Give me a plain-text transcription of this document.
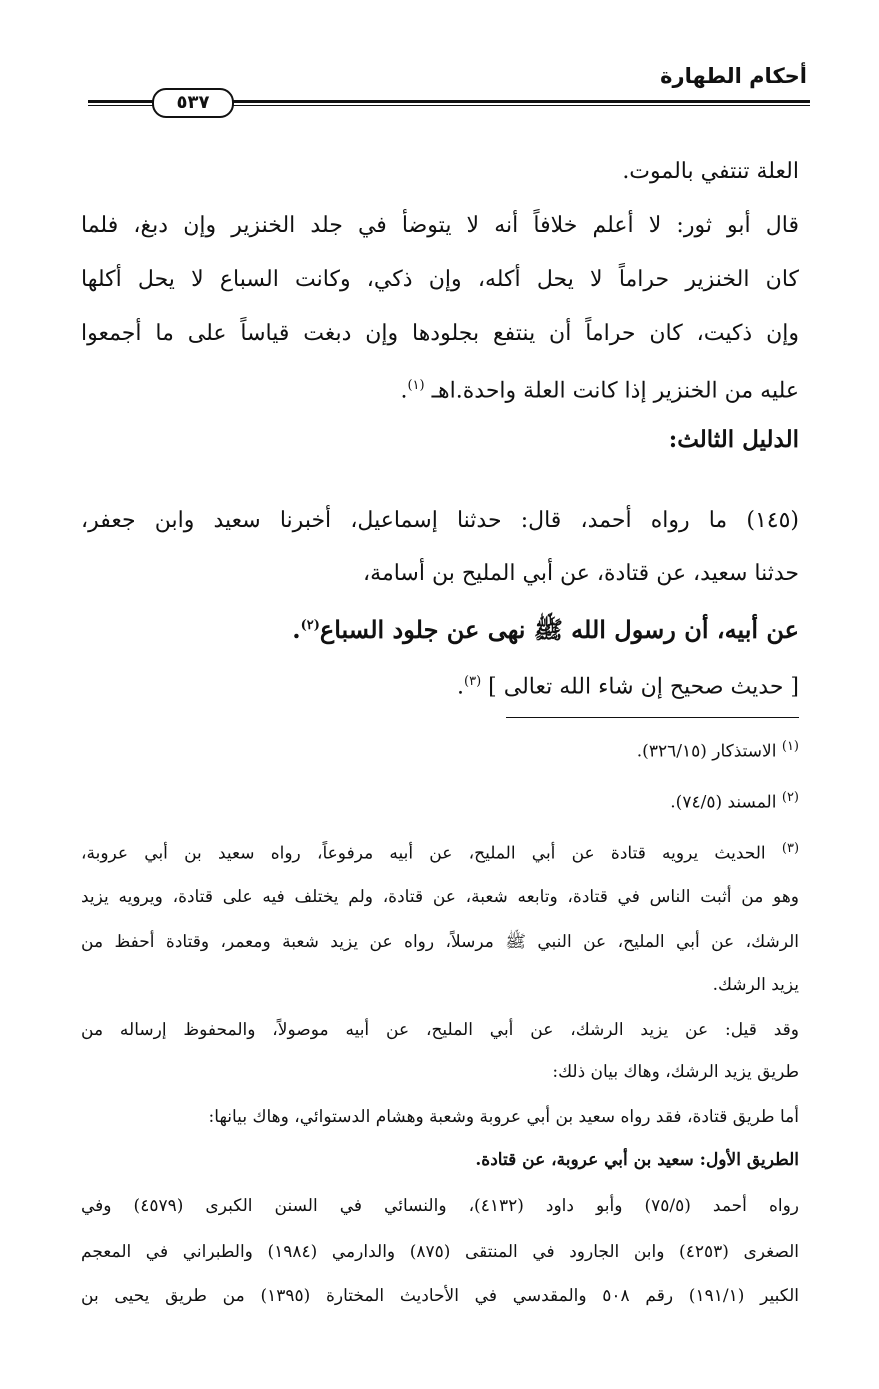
أحكام الطهارة
٥٣٧
العلة تنتفي بالموت.
قال أبو ثور: لا أعلم خلافاً أنه لا يتوضأ في جلد الخنزير وإن دبغ، فلما
كان الخنزير حراماً لا يحل أكله، وإن ذكي، وكانت السباع لا يحل أكلها
وإن ذكيت، كان حراماً أن ينتفع بجلودها وإن دبغت قياساً على ما أجمعوا
عليه من الخنزير إذا كانت العلة واحدة.اهـ $^{(١)}$.
الدليل الثالث:
(١٤٥) ما رواه أحمد، قال: حدثنا إسماعيل، أخبرنا سعيد وابن جعفر،
حدثنا سعيد، عن قتادة، عن أبي المليح بن أسامة،
عن أبيه، أن رسول الله ﷺ نهى عن جلود السباع$^{(٢)}$.
[ حديث صحيح إن شاء الله تعالى ] $^{(٣)}$.
$^{(١)}$ الاستذكار (٣٢٦/١٥).
$^{(٢)}$ المسند (٧٤/٥).
$^{(٣)}$ الحديث يرويه قتادة عن أبي المليح، عن أبيه مرفوعاً، رواه سعيد بن أبي عروبة،
وهو من أثبت الناس في قتادة، وتابعه شعبة، عن قتادة، ولم يختلف فيه على قتادة، ويرويه يزيد
الرشك، عن أبي المليح، عن النبي ﷺ مرسلاً، رواه عن يزيد شعبة ومعمر، وقتادة أحفظ من
يزيد الرشك.
وقد قيل: عن يزيد الرشك، عن أبي المليح، عن أبيه موصولاً، والمحفوظ إرساله من
طريق يزيد الرشك، وهاك بيان ذلك:
أما طريق قتادة، فقد رواه سعيد بن أبي عروبة وشعبة وهشام الدستوائي، وهاك بيانها:
الطريق الأول: سعيد بن أبي عروبة، عن قتادة.
رواه أحمد (٧٥/٥) وأبو داود (٤١٣٢)، والنسائي في السنن الكبرى (٤٥٧٩) وفي
الصغرى (٤٢٥٣) وابن الجارود في المنتقى (٨٧٥) والدارمي (١٩٨٤) والطبراني في المعجم
الكبير (١٩١/١) رقم ٥٠٨ والمقدسي في الأحاديث المختارة (١٣٩٥) من طريق يحيى بن
